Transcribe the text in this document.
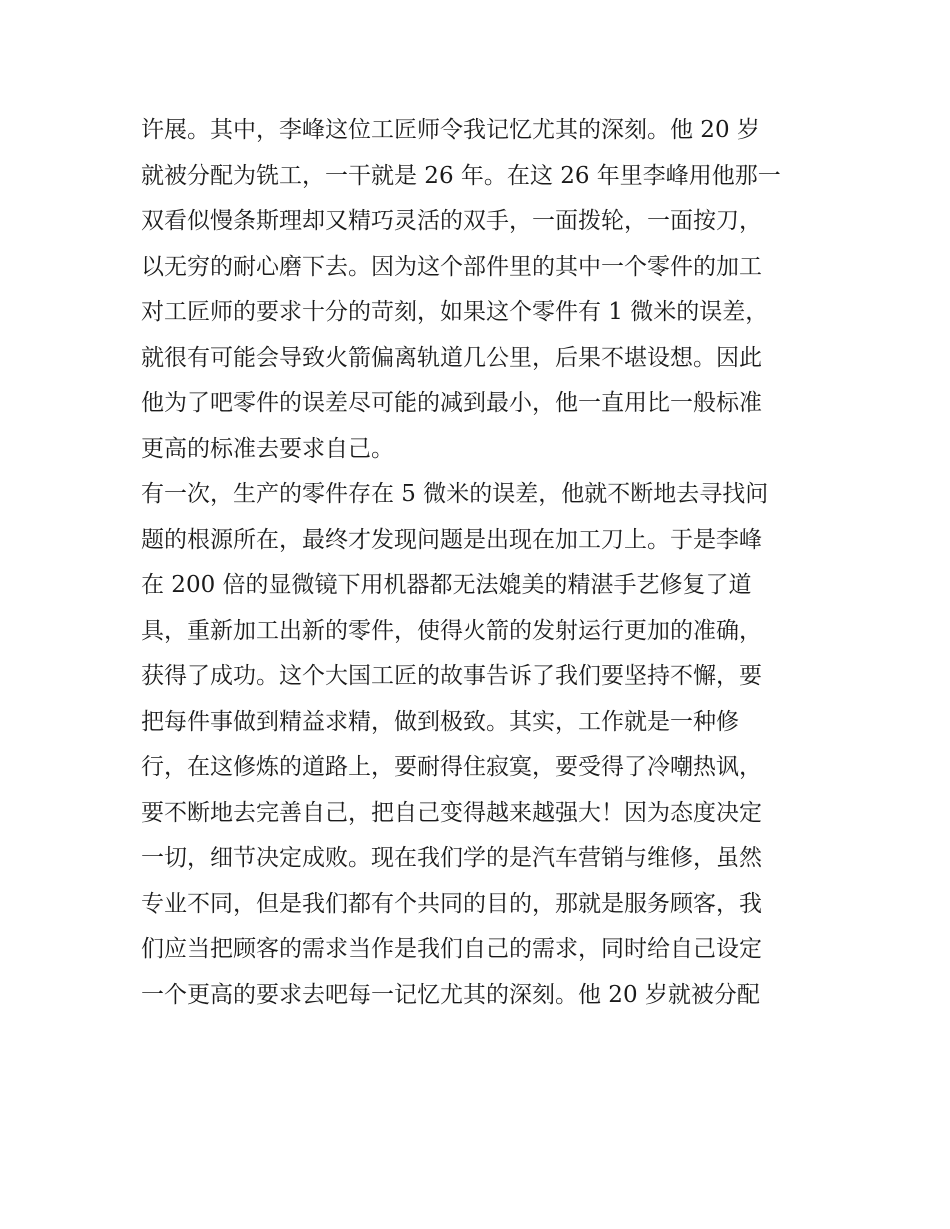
许展。其中，李峰这位工匠师令我记忆尤其的深刻。他 20 岁
就被分配为铣工，一干就是 26 年。在这 26 年里李峰用他那一
双看似慢条斯理却又精巧灵活的双手，一面拨轮，一面按刀，
以无穷的耐心磨下去。因为这个部件里的其中一个零件的加工
对工匠师的要求十分的苛刻，如果这个零件有 1 微米的误差，
就很有可能会导致火箭偏离轨道几公里，后果不堪设想。因此
他为了吧零件的误差尽可能的减到最小，他一直用比一般标准
更高的标准去要求自己。
有一次，生产的零件存在 5 微米的误差，他就不断地去寻找问
题的根源所在，最终才发现问题是出现在加工刀上。于是李峰
在 200 倍的显微镜下用机器都无法媲美的精湛手艺修复了道
具，重新加工出新的零件，使得火箭的发射运行更加的准确，
获得了成功。这个大国工匠的故事告诉了我们要坚持不懈，要
把每件事做到精益求精，做到极致。其实，工作就是一种修
行，在这修炼的道路上，要耐得住寂寞，要受得了冷嘲热讽，
要不断地去完善自己，把自己变得越来越强大！因为态度决定
一切，细节决定成败。现在我们学的是汽车营销与维修，虽然
专业不同，但是我们都有个共同的目的，那就是服务顾客，我
们应当把顾客的需求当作是我们自己的需求，同时给自己设定
一个更高的要求去吧每一记忆尤其的深刻。他 20 岁就被分配
